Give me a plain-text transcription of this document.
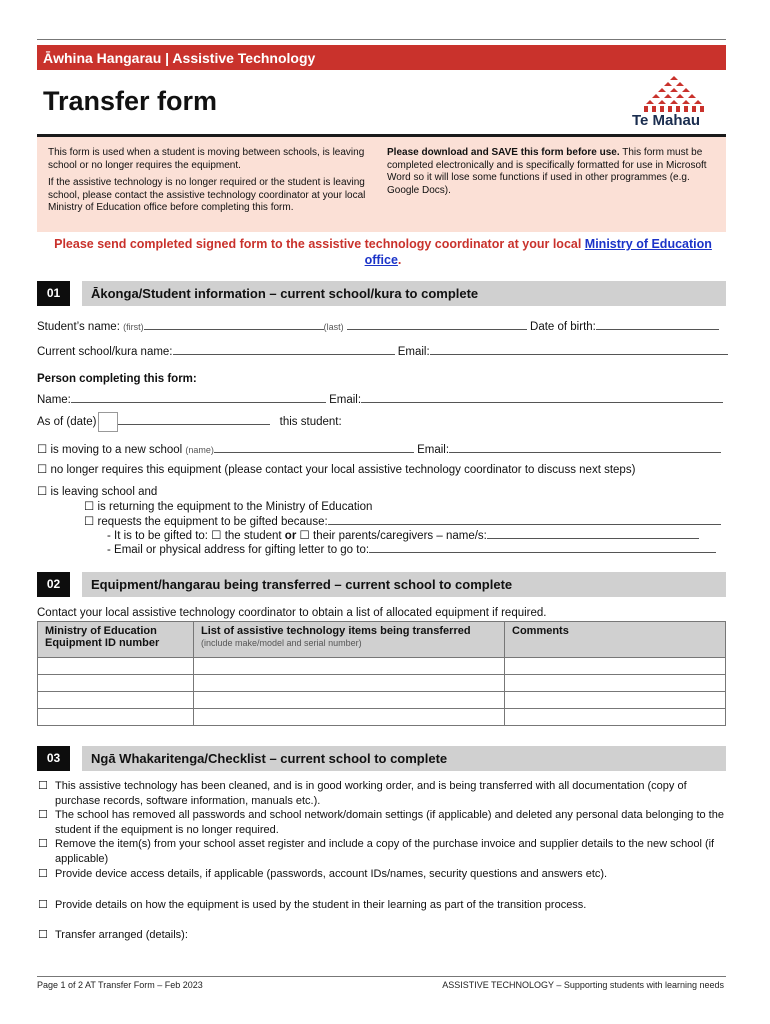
Āwhina Hangarau | Assistive Technology
Transfer form
Te Mahau
This form is used when a student is moving between schools, is leaving school or no longer requires the equipment.
If the assistive technology is no longer required or the student is leaving school, please contact the assistive technology coordinator at your local Ministry of Education office before completing this form.
Please download and SAVE this form before use. This form must be completed electronically and is specifically formatted for use in Microsoft Word so it will lose some functions if used in other programmes (e.g. Google Docs).
Please send completed signed form to the assistive technology coordinator at your local Ministry of Education office.
01	Ākonga/Student information – current school/kura to complete
Student’s name: (first)	(last)	Date of birth:
Current school/kura name:	Email:
Person completing this form:
Name:	Email:
As of (date)	this student:
☐ is moving to a new school (name)	Email:
☐ no longer requires this equipment (please contact your local assistive technology coordinator to discuss next steps)
☐ is leaving school and
☐ is returning the equipment to the Ministry of Education
☐ requests the equipment to be gifted because:
- It is to be gifted to: ☐ the student or ☐ their parents/caregivers – name/s:
- Email or physical address for gifting letter to go to:
02	Equipment/hangarau being transferred – current school to complete
Contact your local assistive technology coordinator to obtain a list of allocated equipment if required.
Ministry of Education Equipment ID number	List of assistive technology items being transferred (include make/model and serial number)	Comments

03	Ngā Whakaritenga/Checklist – current school to complete
☐ This assistive technology has been cleaned, and is in good working order, and is being transferred with all documentation (copy of purchase records, software information, manuals etc.).
☐ The school has removed all passwords and school network/domain settings (if applicable) and deleted any personal data belonging to the student if the equipment is no longer required.
☐ Remove the item(s) from your school asset register and include a copy of the purchase invoice and supplier details to the new school (if applicable)
☐ Provide device access details, if applicable (passwords, account IDs/names, security questions and answers etc).
☐ Provide details on how the equipment is used by the student in their learning as part of the transition process.
☐ Transfer arranged (details):
Page 1 of 2 AT Transfer Form – Feb 2023	ASSISTIVE TECHNOLOGY – Supporting students with learning needs
